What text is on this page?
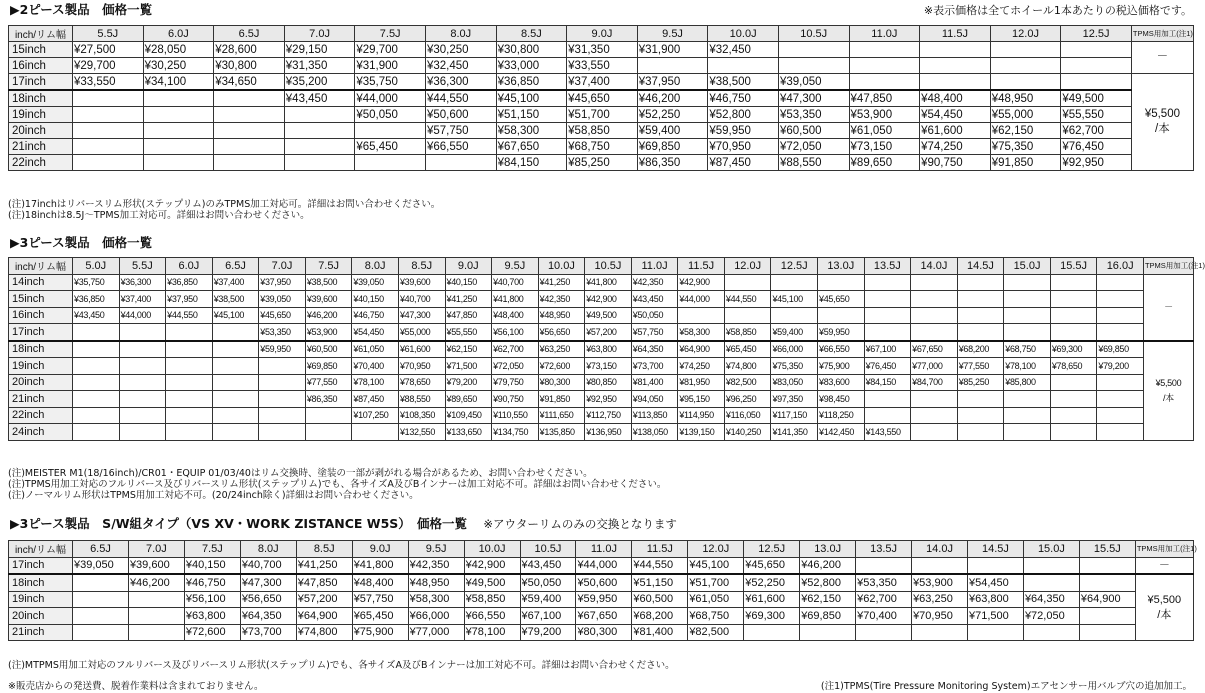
▶2ピース製品　価格一覧	※表示価格は全てホイール1本あたりの税込価格です。
inch/リム幅	5.5J	6.0J	6.5J	7.0J	7.5J	8.0J	8.5J	9.0J	9.5J	10.0J	10.5J	11.0J	11.5J	12.0J	12.5J	TPMS用加工(注1)
15inch	¥27,500	¥28,050	¥28,600	¥29,150	¥29,700	¥30,250	¥30,800	¥31,350	¥31,900	¥32,450						－
16inch	¥29,700	¥30,250	¥30,800	¥31,350	¥31,900	¥32,450	¥33,000	¥33,550								
17inch	¥33,550	¥34,100	¥34,650	¥35,200	¥35,750	¥36,300	¥36,850	¥37,400	¥37,950	¥38,500	¥39,050					¥5,500
/本

18inch				¥43,450	¥44,000	¥44,550	¥45,100	¥45,650	¥46,200	¥46,750	¥47,300	¥47,850	¥48,400	¥48,950	¥49,500	
19inch					¥50,050	¥50,600	¥51,150	¥51,700	¥52,250	¥52,800	¥53,350	¥53,900	¥54,450	¥55,000	¥55,550	
20inch						¥57,750	¥58,300	¥58,850	¥59,400	¥59,950	¥60,500	¥61,050	¥61,600	¥62,150	¥62,700	
21inch					¥65,450	¥66,550	¥67,650	¥68,750	¥69,850	¥70,950	¥72,050	¥73,150	¥74,250	¥75,350	¥76,450	
22inch							¥84,150	¥85,250	¥86,350	¥87,450	¥88,550	¥89,650	¥90,750	¥91,850	¥92,950	
(注)17inchはリバースリム形状(ステップリム)のみTPMS加工対応可。詳細はお問い合わせください。
(注)18inchは8.5J～TPMS加工対応可。詳細はお問い合わせください。
▶3ピース製品　価格一覧
inch/リム幅	5.0J	5.5J	6.0J	6.5J	7.0J	7.5J	8.0J	8.5J	9.0J	9.5J	10.0J	10.5J	11.0J	11.5J	12.0J	12.5J	13.0J	13.5J	14.0J	14.5J	15.0J	15.5J	16.0J	TPMS用加工(注1)
14inch	¥35,750	¥36,300	¥36,850	¥37,400	¥37,950	¥38,500	¥39,050	¥39,600	¥40,150	¥40,700	¥41,250	¥41,800	¥42,350	¥42,900										－
15inch	¥36,850	¥37,400	¥37,950	¥38,500	¥39,050	¥39,600	¥40,150	¥40,700	¥41,250	¥41,800	¥42,350	¥42,900	¥43,450	¥44,000	¥44,550	¥45,100	¥45,650							
16inch	¥43,450	¥44,000	¥44,550	¥45,100	¥45,650	¥46,200	¥46,750	¥47,300	¥47,850	¥48,400	¥48,950	¥49,500	¥50,050											
17inch					¥53,350	¥53,900	¥54,450	¥55,000	¥55,550	¥56,100	¥56,650	¥57,200	¥57,750	¥58,300	¥58,850	¥59,400	¥59,950							
18inch					¥59,950	¥60,500	¥61,050	¥61,600	¥62,150	¥62,700	¥63,250	¥63,800	¥64,350	¥64,900	¥65,450	¥66,000	¥66,550	¥67,100	¥67,650	¥68,200	¥68,750	¥69,300	¥69,850	¥5,500
/本

19inch						¥69,850	¥70,400	¥70,950	¥71,500	¥72,050	¥72,600	¥73,150	¥73,700	¥74,250	¥74,800	¥75,350	¥75,900	¥76,450	¥77,000	¥77,550	¥78,100	¥78,650	¥79,200	
20inch						¥77,550	¥78,100	¥78,650	¥79,200	¥79,750	¥80,300	¥80,850	¥81,400	¥81,950	¥82,500	¥83,050	¥83,600	¥84,150	¥84,700	¥85,250	¥85,800			
21inch						¥86,350	¥87,450	¥88,550	¥89,650	¥90,750	¥91,850	¥92,950	¥94,050	¥95,150	¥96,250	¥97,350	¥98,450							
22inch							¥107,250	¥108,350	¥109,450	¥110,550	¥111,650	¥112,750	¥113,850	¥114,950	¥116,050	¥117,150	¥118,250							
24inch								¥132,550	¥133,650	¥134,750	¥135,850	¥136,950	¥138,050	¥139,150	¥140,250	¥141,350	¥142,450	¥143,550						
(注)MEISTER M1(18/16inch)/CR01・EQUIP 01/03/40はリム交換時、塗装の一部が剥がれる場合があるため、お問い合わせください。
(注)TPMS用加工対応のフルリバース及びリバースリム形状(ステップリム)でも、各サイズA及びBインナーは加工対応不可。詳細はお問い合わせください。
(注)ノーマルリム形状はTPMS用加工対応不可。(20/24inch除く)詳細はお問い合わせください。
▶3ピース製品　S/W組タイプ（VS XV・WORK ZISTANCE W5S）　価格一覧 ※アウターリムのみの交換となります
inch/リム幅	6.5J	7.0J	7.5J	8.0J	8.5J	9.0J	9.5J	10.0J	10.5J	11.0J	11.5J	12.0J	12.5J	13.0J	13.5J	14.0J	14.5J	15.0J	15.5J	TPMS用加工(注1)
17inch	¥39,050	¥39,600	¥40,150	¥40,700	¥41,250	¥41,800	¥42,350	¥42,900	¥43,450	¥44,000	¥44,550	¥45,100	¥45,650	¥46,200						－
18inch		¥46,200	¥46,750	¥47,300	¥47,850	¥48,400	¥48,950	¥49,500	¥50,050	¥50,600	¥51,150	¥51,700	¥52,250	¥52,800	¥53,350	¥53,900	¥54,450			¥5,500
/本

19inch			¥56,100	¥56,650	¥57,200	¥57,750	¥58,300	¥58,850	¥59,400	¥59,950	¥60,500	¥61,050	¥61,600	¥62,150	¥62,700	¥63,250	¥63,800	¥64,350	¥64,900	
20inch			¥63,800	¥64,350	¥64,900	¥65,450	¥66,000	¥66,550	¥67,100	¥67,650	¥68,200	¥68,750	¥69,300	¥69,850	¥70,400	¥70,950	¥71,500	¥72,050		
21inch			¥72,600	¥73,700	¥74,800	¥75,900	¥77,000	¥78,100	¥79,200	¥80,300	¥81,400	¥82,500								
(注)MTPMS用加工対応のフルリバース及びリバースリム形状(ステップリム)でも、各サイズA及びBインナーは加工対応不可。詳細はお問い合わせください。
※販売店からの発送費、脱着作業料は含まれておりません。	(注1)TPMS(Tire Pressure Monitoring System)エアセンサー用バルブ穴の追加加工。
